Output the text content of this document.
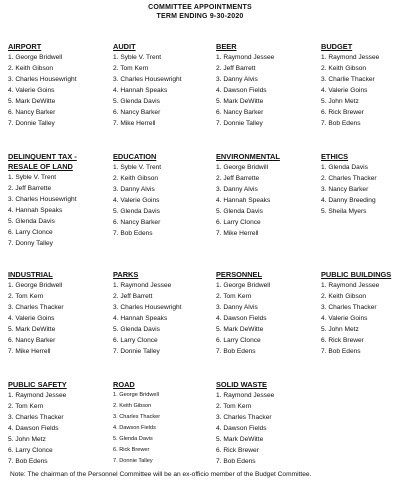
COMMITTEE APPOINTMENTS
TERM ENDING 9-30-2020
AIRPORT
1. George Bridwell
2. Keith Gibson
3. Charles Housewright
4. Valerie Goins
5. Mark DeWitte
6. Nancy Barker
7. Donnie Talley
AUDIT
1. Syble V. Trent
2. Tom Kern
3. Charles Housewright
4. Hannah Speaks
5. Glenda Davis
6. Nancy Barker
7. Mike Herrell
BEER
1. Raymond Jessee
2. Jeff Barrett
3. Danny Alvis
4. Dawson Fields
5. Mark DeWitte
6. Nancy Barker
7. Donnie Talley
BUDGET
1. Raymond Jessee
2. Keith Gibson
3. Charlie Thacker
4. Valerie Goins
5. John Metz
6. Rick Brewer
7. Bob Edens
DELINQUENT TAX -
RESALE OF LAND
1. Syble V. Trent
2. Jeff Barrette
3. Charles Housewright
4. Hannah Speaks
5. Glenda Davis
6. Larry Clonce
7. Donny Talley
EDUCATION
1. Syble V. Trent
2. Keith Gibson
3. Danny Alvis
4. Valerie Goins
5. Glenda Davis
6. Nancy Barker
7. Bob Edens
ENVIRONMENTAL
1. George Bridwill
2. Jeff Barrette
3. Danny Alvis
4. Hannah Speaks
5. Glenda Davis
6. Larry Clonce
7. Mike Herrell
ETHICS
1. Glenda Davis
2. Charles Thacker
3. Nancy Barker
4. Danny Breeding
5. Sheila Myers
INDUSTRIAL
1. George Bridwell
2. Tom Kern
3. Charles Thacker
4. Valerie Goins
5. Mark DeWitte
6. Nancy Barker
7. Mike Herrell
PARKS
1. Raymond Jessee
2. Jeff Barrett
3. Charles Housewright
4. Hannah Speaks
5. Glenda Davis
6. Larry Clonce
7. Donnie Talley
PERSONNEL
1. George Bridwell
2. Tom Kern
3. Danny Alvis
4. Dawson Fields
5. Mark DeWitte
6. Larry Clonce
7. Bob Edens
PUBLIC BUILDINGS
1. Raymond Jessee
2. Keith Gibson
3. Charles Thacker
4. Valerie Goins
5. John Metz
6. Rick Brewer
7. Bob Edens
PUBLIC SAFETY
1. Raymond Jessee
2. Tom Kern
3. Charles Thacker
4. Dawson Fields
5. John Metz
6. Larry Clonce
7. Bob Edens
ROAD
1. George Bridwell
2. Keith Gibson
3. Charles Thacker
4. Dawson Fields
5. Glenda Davis
6. Rick Brewer
7. Donnie Talley
SOLID WASTE
1. Raymond Jessee
2. Tom Kern
3. Charles Thacker
4. Dawson Fields
5. Mark DeWitte
6. Rick Brewer
7. Bob Edens
Note: The chairman of the Personnel Committee will be an ex-officio member of the Budget Committee.
